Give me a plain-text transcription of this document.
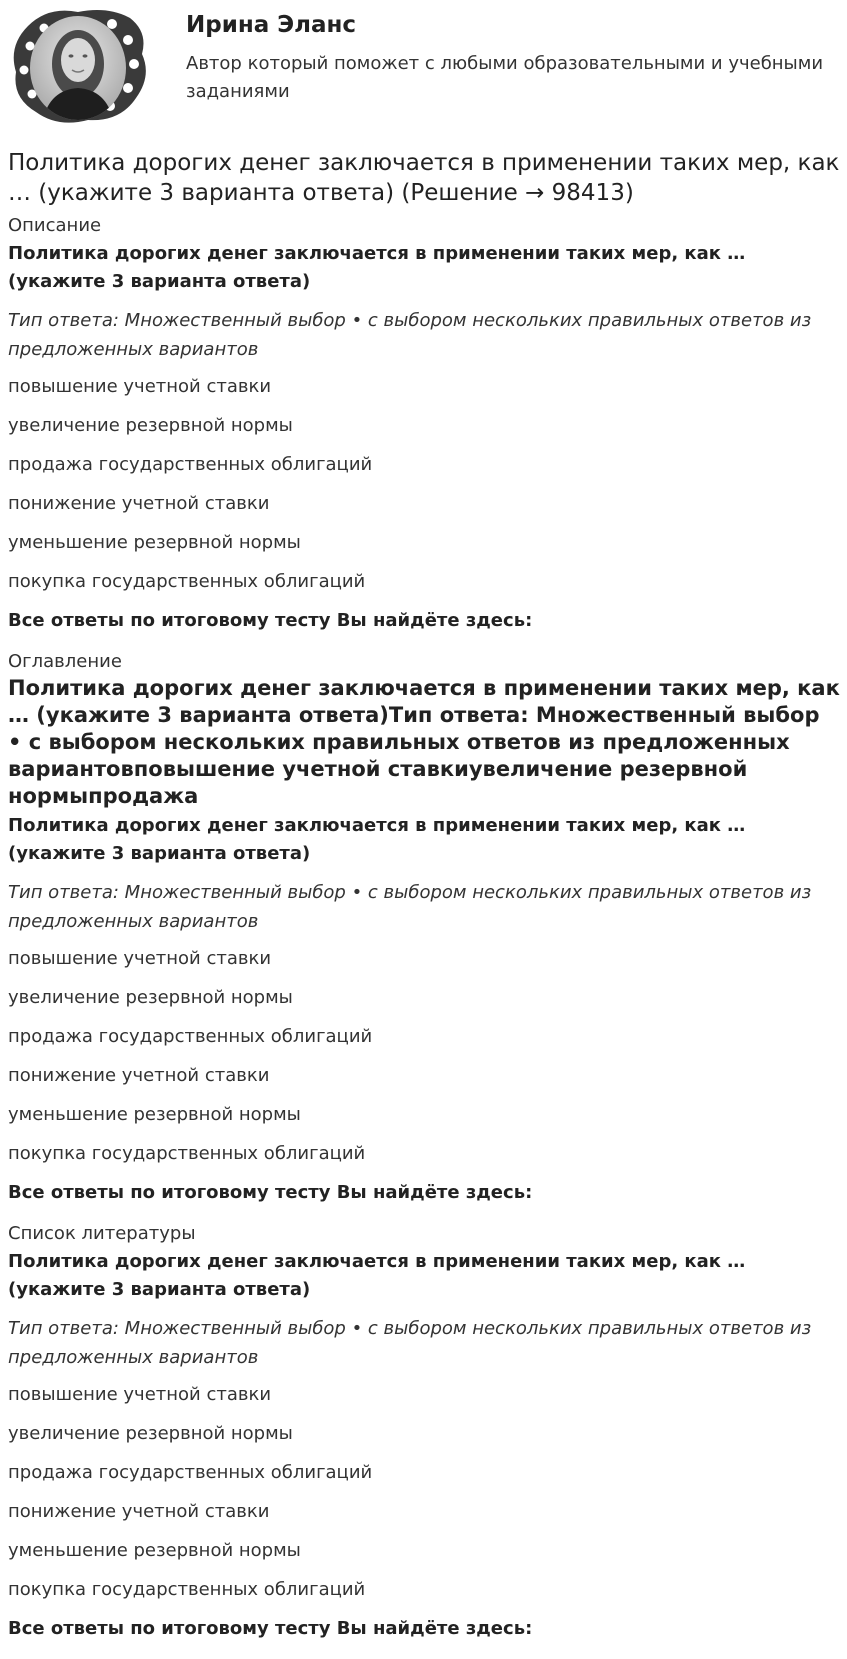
Ирина Эланс
Автор который поможет с любыми образовательными и учебными заданиями
Политика дорогих денег заключается в применении таких мер, как … (укажите 3 варианта ответа) (Решение → 98413)
Описание
Политика дорогих денег заключается в применении таких мер, как … (укажите 3 варианта ответа)
Тип ответа: Множественный выбор • с выбором нескольких правильных ответов из предложенных вариантов
повышение учетной ставки
увеличение резервной нормы
продажа государственных облигаций
понижение учетной ставки
уменьшение резервной нормы
покупка государственных облигаций
Все ответы по итоговому тесту Вы найдёте здесь:
Оглавление
Политика дорогих денег заключается в применении таких мер, как … (укажите 3 варианта ответа)Тип ответа: Множественный выбор • с выбором нескольких правильных ответов из предложенных вариантовповышение учетной ставкиувеличение резервной нормыпродажа
Политика дорогих денег заключается в применении таких мер, как … (укажите 3 варианта ответа)
Тип ответа: Множественный выбор • с выбором нескольких правильных ответов из предложенных вариантов
повышение учетной ставки
увеличение резервной нормы
продажа государственных облигаций
понижение учетной ставки
уменьшение резервной нормы
покупка государственных облигаций
Все ответы по итоговому тесту Вы найдёте здесь:
Список литературы
Политика дорогих денег заключается в применении таких мер, как … (укажите 3 варианта ответа)
Тип ответа: Множественный выбор • с выбором нескольких правильных ответов из предложенных вариантов
повышение учетной ставки
увеличение резервной нормы
продажа государственных облигаций
понижение учетной ставки
уменьшение резервной нормы
покупка государственных облигаций
Все ответы по итоговому тесту Вы найдёте здесь:
